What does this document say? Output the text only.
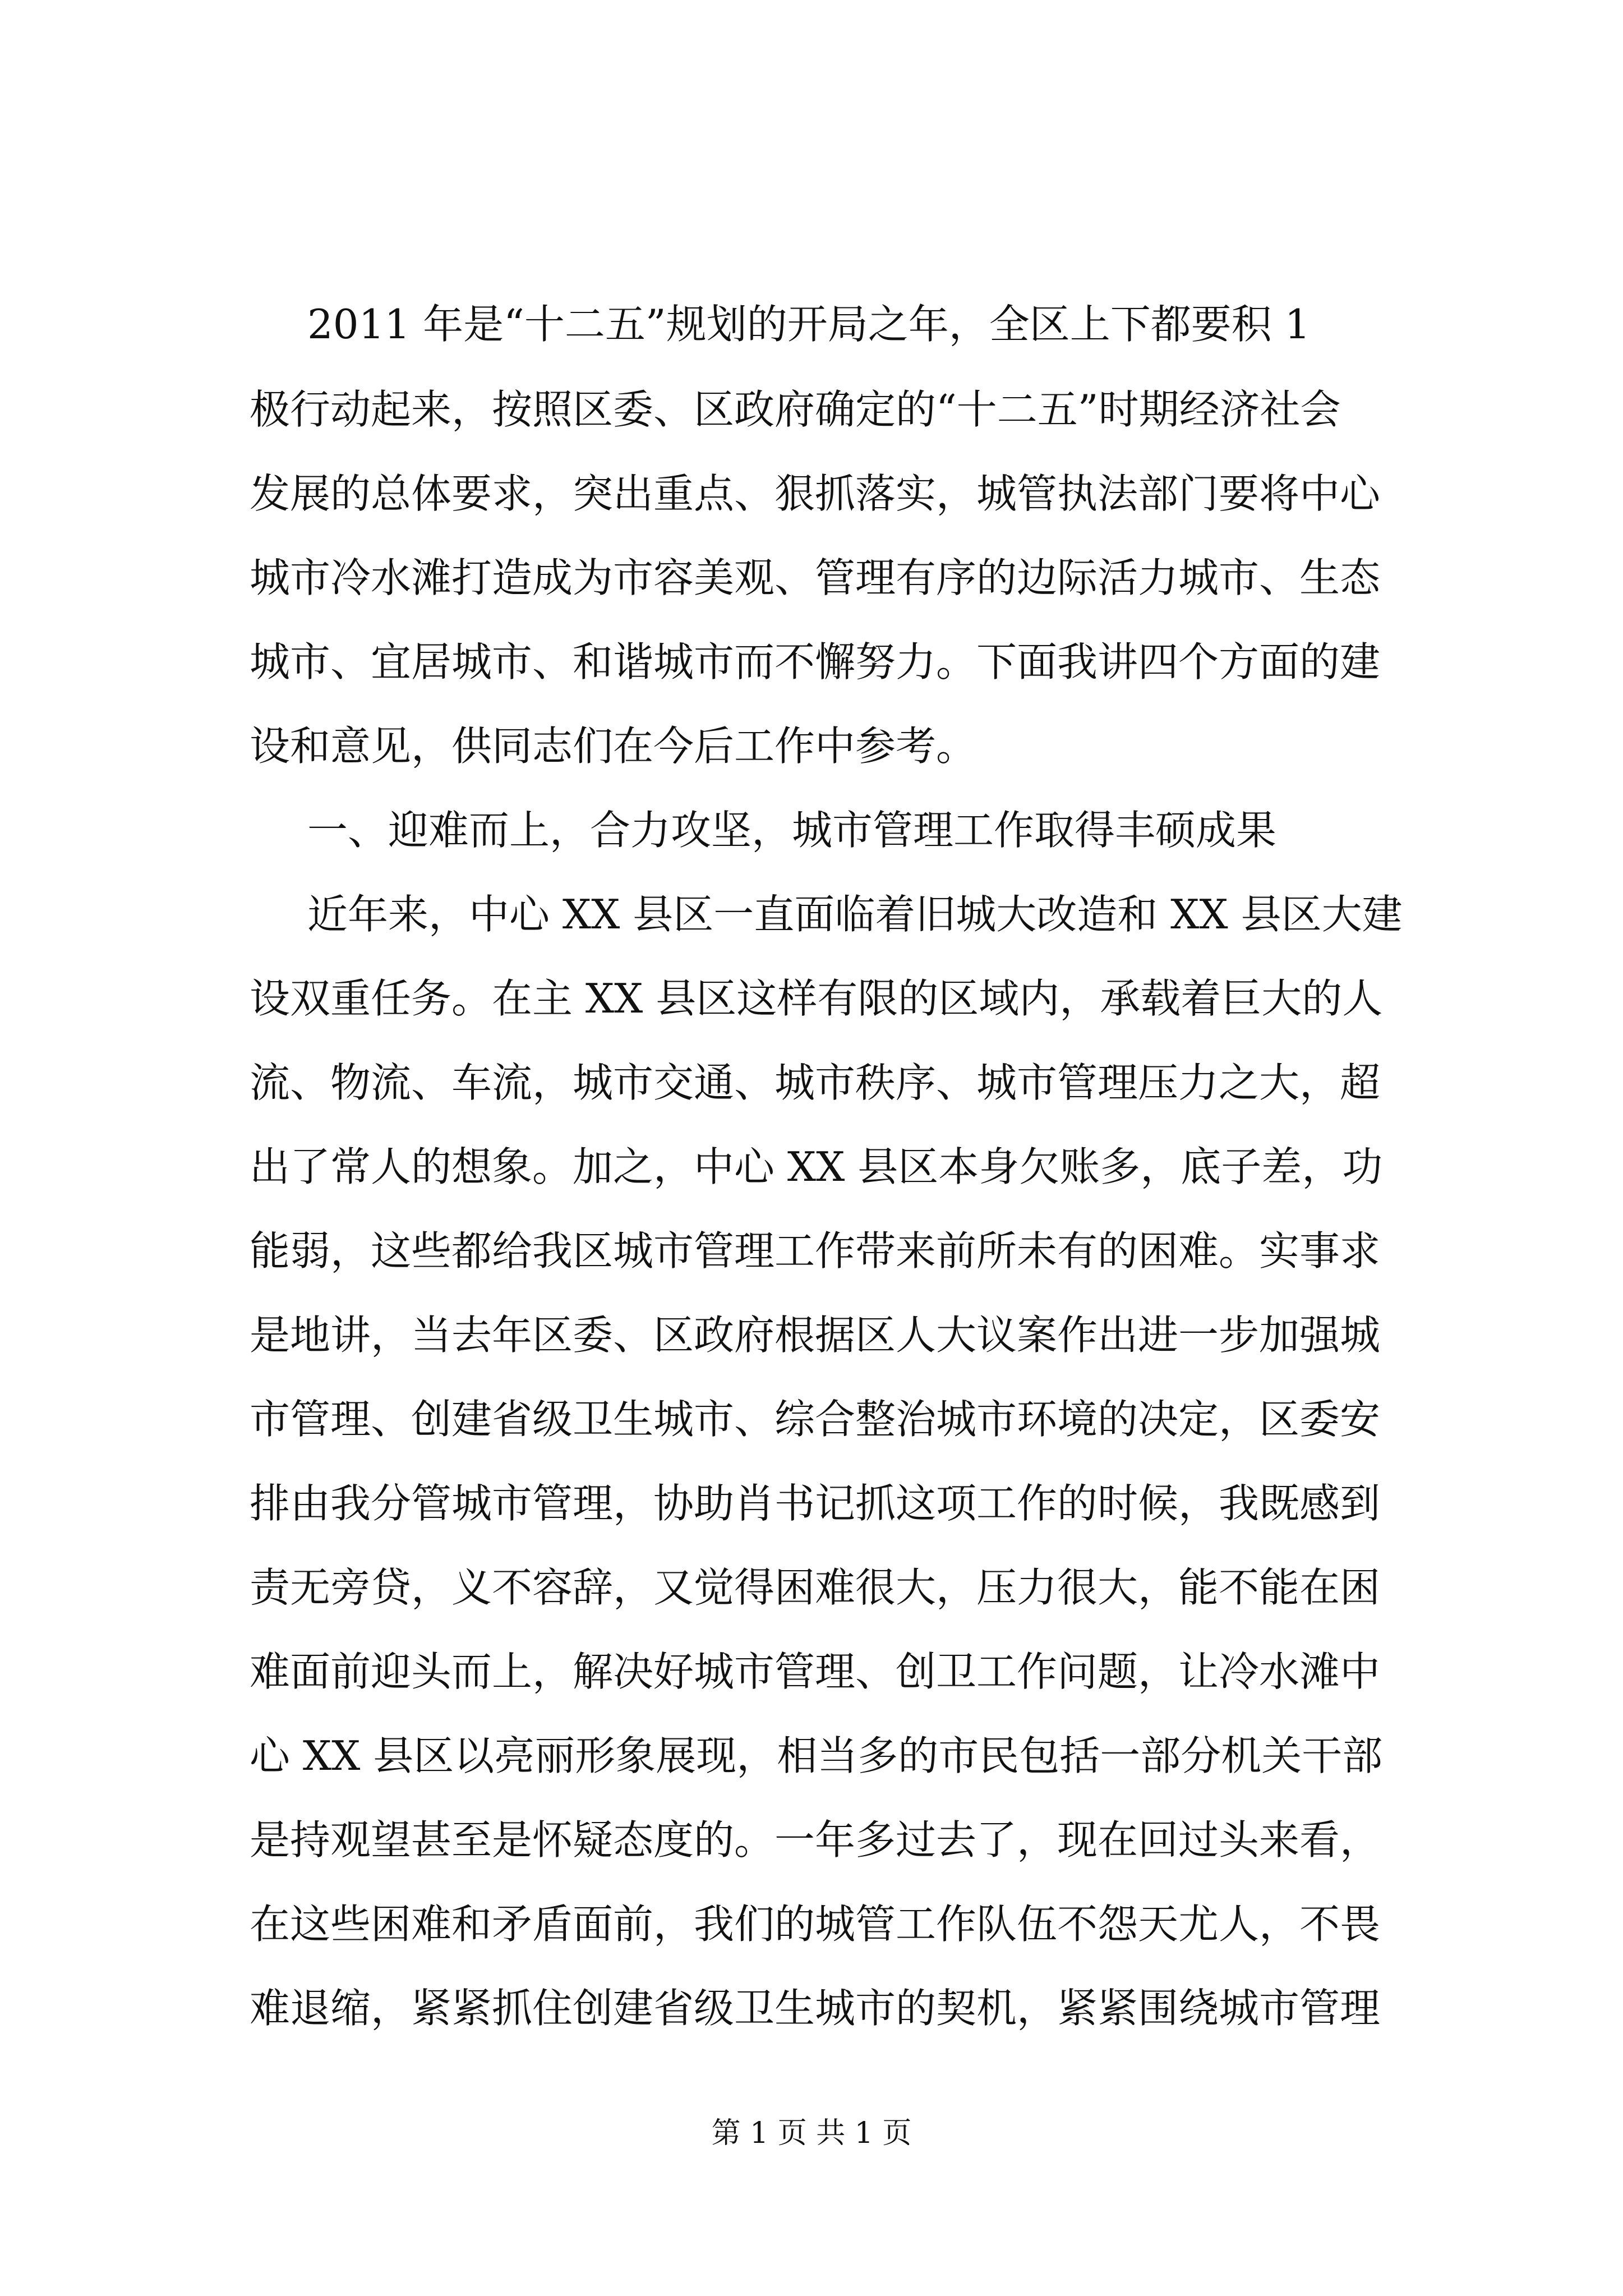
2011 年是“十二五”规划的开局之年，全区上下都要积 1
极行动起来，按照区委、区政府确定的“十二五”时期经济社会
发展的总体要求，突出重点、狠抓落实，城管执法部门要将中心
城市冷水滩打造成为市容美观、管理有序的边际活力城市、生态
城市、宜居城市、和谐城市而不懈努力。下面我讲四个方面的建
设和意见，供同志们在今后工作中参考。
一、迎难而上，合力攻坚，城市管理工作取得丰硕成果
近年来，中心 XX 县区一直面临着旧城大改造和 XX 县区大建
设双重任务。在主 XX 县区这样有限的区域内，承载着巨大的人
流、物流、车流，城市交通、城市秩序、城市管理压力之大，超
出了常人的想象。加之，中心 XX 县区本身欠账多，底子差，功
能弱，这些都给我区城市管理工作带来前所未有的困难。实事求
是地讲，当去年区委、区政府根据区人大议案作出进一步加强城
市管理、创建省级卫生城市、综合整治城市环境的决定，区委安
排由我分管城市管理，协助肖书记抓这项工作的时候，我既感到
责无旁贷，义不容辞，又觉得困难很大，压力很大，能不能在困
难面前迎头而上，解决好城市管理、创卫工作问题，让冷水滩中
心 XX 县区以亮丽形象展现，相当多的市民包括一部分机关干部
是持观望甚至是怀疑态度的。一年多过去了，现在回过头来看，
在这些困难和矛盾面前，我们的城管工作队伍不怨天尤人，不畏
难退缩，紧紧抓住创建省级卫生城市的契机，紧紧围绕城市管理
第 1 页 共 1 页
